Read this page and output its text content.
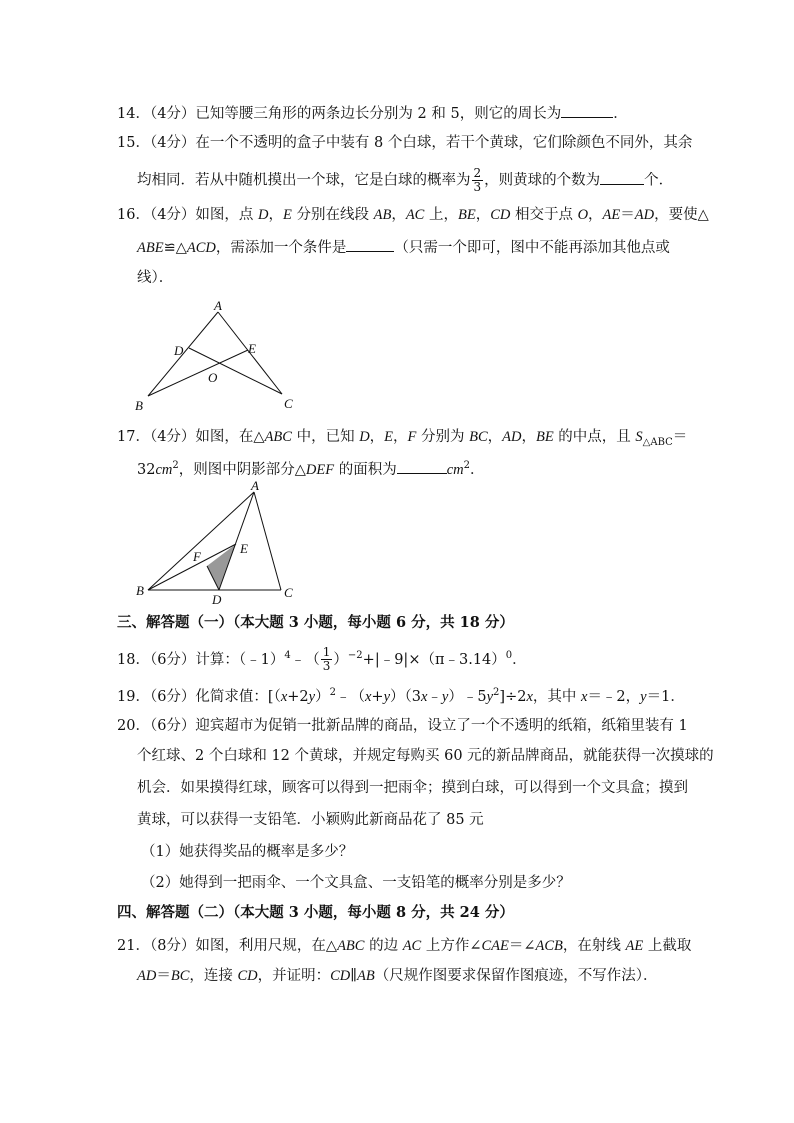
14．（4分）已知等腰三角形的两条边长分别为 2 和 5，则它的周长为	．
15．（4分）在一个不透明的盒子中装有 8 个白球，若干个黄球，它们除颜色不同外，其余
均相同．若从中随机摸出一个球，它是白球的概率为 $\frac{2}{3}$ ，则黄球的个数为	个．
16．（4分）如图，点 D，E 分别在线段 AB，AC 上，BE，CD 相交于点 O，AE＝AD，要使△
ABE≌△ACD，需添加一个条件是	（只需一个即可，图中不能再添加其他点或
线）．
A
B	C
D	E
O
17．（4分）如图，在△ABC 中，已知 D，E，F 分别为 BC，AD，BE 的中点，且 $S_{\triangle ABC}=$
$32cm^2$，则图中阴影部分△DEF 的面积为	$cm^2$．
A
B	C
D
E
F
三、解答题（一）（本大题 3 小题，每小题 6 分，共 18 分）
18．（6分）计算：（﹣1）$^4$﹣（ $\frac{1}{3}$ ）$^{-2}$+|﹣9|×（π﹣3.14）$^0$．
19．（6分）化简求值：$[(x+2y)^2﹣(x+y)(3x﹣y)﹣5y^2]\div 2x$，其中 x＝﹣2，y＝1．
20．（6分）迎宾超市为促销一批新品牌的商品，设立了一个不透明的纸箱，纸箱里装有 1
个红球、2 个白球和 12 个黄球，并规定每购买 60 元的新品牌商品，就能获得一次摸球的
机会．如果摸得红球，顾客可以得到一把雨伞；摸到白球，可以得到一个文具盒；摸到
黄球，可以获得一支铅笔．小颖购此新商品花了 85 元
（1）她获得奖品的概率是多少？
（2）她得到一把雨伞、一个文具盒、一支铅笔的概率分别是多少？
四、解答题（二）（本大题 3 小题，每小题 8 分，共 24 分）
21．（8分）如图，利用尺规，在△ABC 的边 AC 上方作∠CAE＝∠ACB，在射线 AE 上截取
AD＝BC，连接 CD，并证明：CD∥AB（尺规作图要求保留作图痕迹，不写作法）．
